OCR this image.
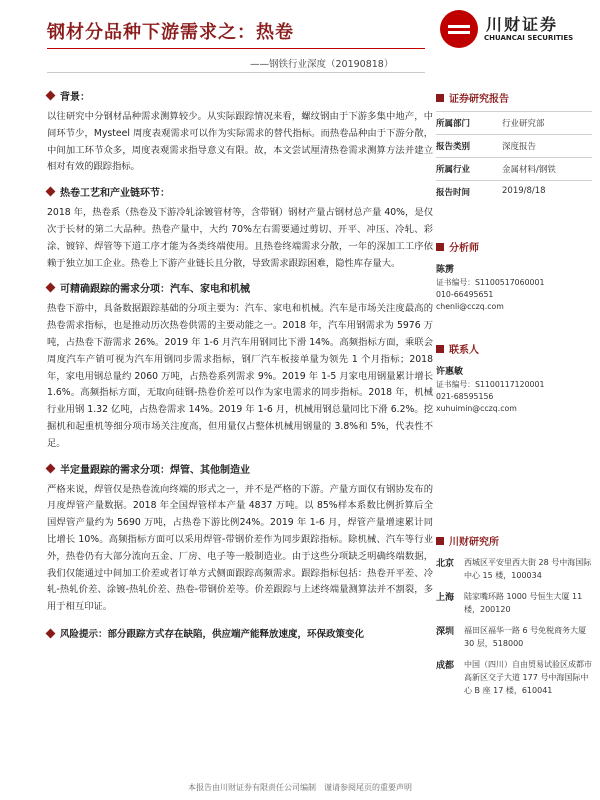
钢材分品种下游需求之：热卷
——钢铁行业深度（20190818）
川财证券
CHUANCAI SECURITIES
背景：

以往研究中分钢材品种需求测算较少。从实际跟踪情况来看，螺纹钢由于下游多集中地产，中间环节少，Mysteel 周度表观需求可以作为实际需求的替代指标。而热卷品种由于下游分散，中间加工环节众多，周度表观需求指导意义有限。故，本文尝试厘清热卷需求测算方法并建立相对有效的跟踪指标。

热卷工艺和产业链环节：

2018 年，热卷系（热卷及下游冷轧涂镀管材等，含带钢）钢材产量占钢材总产量 40%，是仅次于长材的第二大品种。热卷产量中，大约 70%左右需要通过剪切、开平、冲压、冷轧、彩涂、镀锌、焊管等下道工序才能为各类终端使用。且热卷终端需求分散，一年的深加工工序依赖于独立加工企业。热卷上下游产业链长且分散，导致需求跟踪困难，隐性库存量大。

可精确跟踪的需求分项：汽车、家电和机械

热卷下游中，具备数据跟踪基础的分项主要为：汽车、家电和机械。汽车是市场关注度最高的热卷需求指标，也是推动历次热卷供需的主要动能之一。2018 年，汽车用钢需求为 5976 万吨，占热卷下游需求 26%。2019 年 1-6 月汽车用钢同比下滑 14%。高频指标方面，乘联会周度汽车产销可视为汽车用钢同步需求指标，钢厂汽车板接单量为领先 1 个月指标；2018 年，家电用钢总量约 2060 万吨，占热卷系列需求 9%。2019 年 1-5 月家电用钢量累计增长1.6%。高频指标方面，无取向硅钢-热卷价差可以作为家电需求的同步指标。2018 年，机械行业用钢 1.32 亿吨，占热卷需求 14%。2019 年 1-6 月，机械用钢总量同比下滑 6.2%。挖掘机和起重机等细分项市场关注度高，但用量仅占整体机械用钢量的 3.8%和 5%，代表性不足。

半定量跟踪的需求分项：焊管、其他制造业

严格来说，焊管仅是热卷流向终端的形式之一，并不是严格的下游。产量方面仅有钢协发布的月度焊管产量数据。2018 年全国焊管样本产量 4837 万吨。以 85%样本系数比例折算后全国焊管产量约为 5690 万吨，占热卷下游比例24%。2019 年 1-6 月，焊管产量增速累计同比增长 10%。高频指标方面可以采用焊管-带钢价差作为同步跟踪指标。除机械、汽车等行业外，热卷仍有大部分流向五金、厂房、电子等一般制造业。由于这些分项缺乏明确终端数据，我们仅能通过中间加工价差或者订单方式侧面跟踪高频需求。跟踪指标包括：热卷开平差、冷轧-热轧价差、涂镀-热轧价差、热卷-带钢价差等。价差跟踪与上述终端量测算法并不割裂，多用于相互印证。

风险提示：部分跟踪方式存在缺陷，供应端产能释放速度，环保政策变化
证券研究报告
所属部门	行业研究部
报告类别	深度报告
所属行业	金属材料/钢铁
报告时间	2019/8/18
分析师
陈雳
证书编号：S1100517060001
010-66495651
chenli@cczq.com
联系人
许惠敏
证书编号：S1100117120001
021-68595156
xuhuimin@cczq.com
川财研究所
北京	西城区平安里西大街 28 号中海国际中心 15 楼，100034
上海	陆家嘴环路 1000 号恒生大厦 11 楼，200120
深圳	福田区福华一路 6 号免税商务大厦 30 层，518000
成都	中国（四川）自由贸易试验区成都市高新区交子大道 177 号中海国际中心 B 座 17 楼，610041
本报告由川财证券有限责任公司编制　谨请参阅尾页的重要声明
